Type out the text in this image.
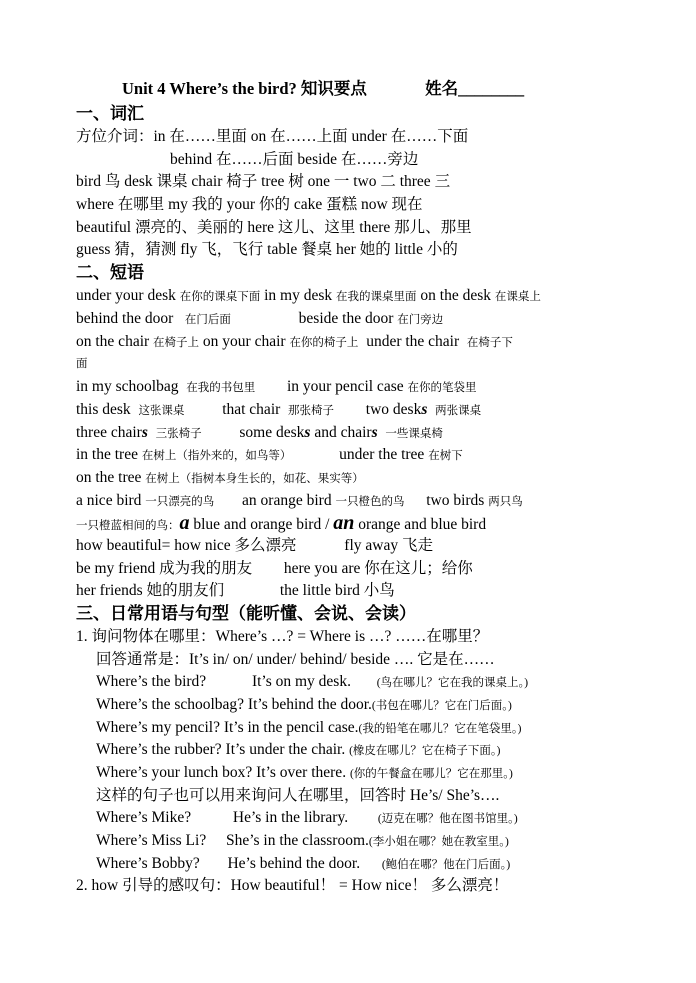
Unit 4 Where’s the bird? 知识要点	姓名________
一、词汇
方位介词：in 在……里面 on 在……上面 under 在……下面
behind 在……后面 beside 在……旁边
bird 鸟 desk 课桌 chair 椅子 tree 树 one 一 two 二 three 三
where 在哪里 my 我的 your 你的 cake 蛋糕 now 现在
beautiful 漂亮的、美丽的 here 这儿、这里 there 那儿、那里
guess 猜，猜测 fly 飞，飞行 table 餐桌 her 她的 little 小的
二、短语
under your desk 在你的课桌下面 in my desk 在我的课桌里面 on the desk 在课桌上
behind the door 在门后面	beside the door 在门旁边
on the chair 在椅子上 on your chair 在你的椅子上 under the chair 在椅子下
面
in my schoolbag 在我的书包里 in your pencil case 在你的笔袋里
this desk 这张课桌 that chair 那张椅子 two desks 两张课桌
three chairs 三张椅子 some desks and chairs 一些课桌椅
in the tree 在树上（指外来的，如鸟等）	under the tree 在树下
on the tree 在树上（指树本身生长的，如花、果实等）
a nice bird 一只漂亮的鸟 an orange bird 一只橙色的鸟 two birds 两只鸟
一只橙蓝相间的鸟：a blue and orange bird / an orange and blue bird
how beautiful= how nice 多么漂亮	fly away 飞走
be my friend 成为我的朋友 here you are 你在这儿；给你
her friends 她的朋友们	the little bird 小鸟
三、日常用语与句型（能听懂、会说、会读）
1. 询问物体在哪里：Where’s …? = Where is …? ……在哪里？
回答通常是：It’s in/ on/ under/ behind/ beside …. 它是在……
Where’s the bird?	It’s on my desk. (鸟在哪儿？它在我的课桌上。)
Where’s the schoolbag? It’s behind the door.(书包在哪儿？它在门后面。)
Where’s my pencil? It’s in the pencil case.(我的铅笔在哪儿？它在笔袋里。)
Where’s the rubber? It’s under the chair. (橡皮在哪儿？它在椅子下面。)
Where’s your lunch box? It’s over there. (你的午餐盒在哪儿？它在那里。)
这样的句子也可以用来询问人在哪里，回答时 He’s/ She’s….
Where’s Mike?	He’s in the library.	(迈克在哪？他在图书馆里。)
Where’s Miss Li? She’s in the classroom.(李小姐在哪？她在教室里。)
Where’s Bobby? He’s behind the door. (鲍伯在哪？他在门后面。)
2. how 引导的感叹句：How beautiful！ = How nice！ 多么漂亮！
